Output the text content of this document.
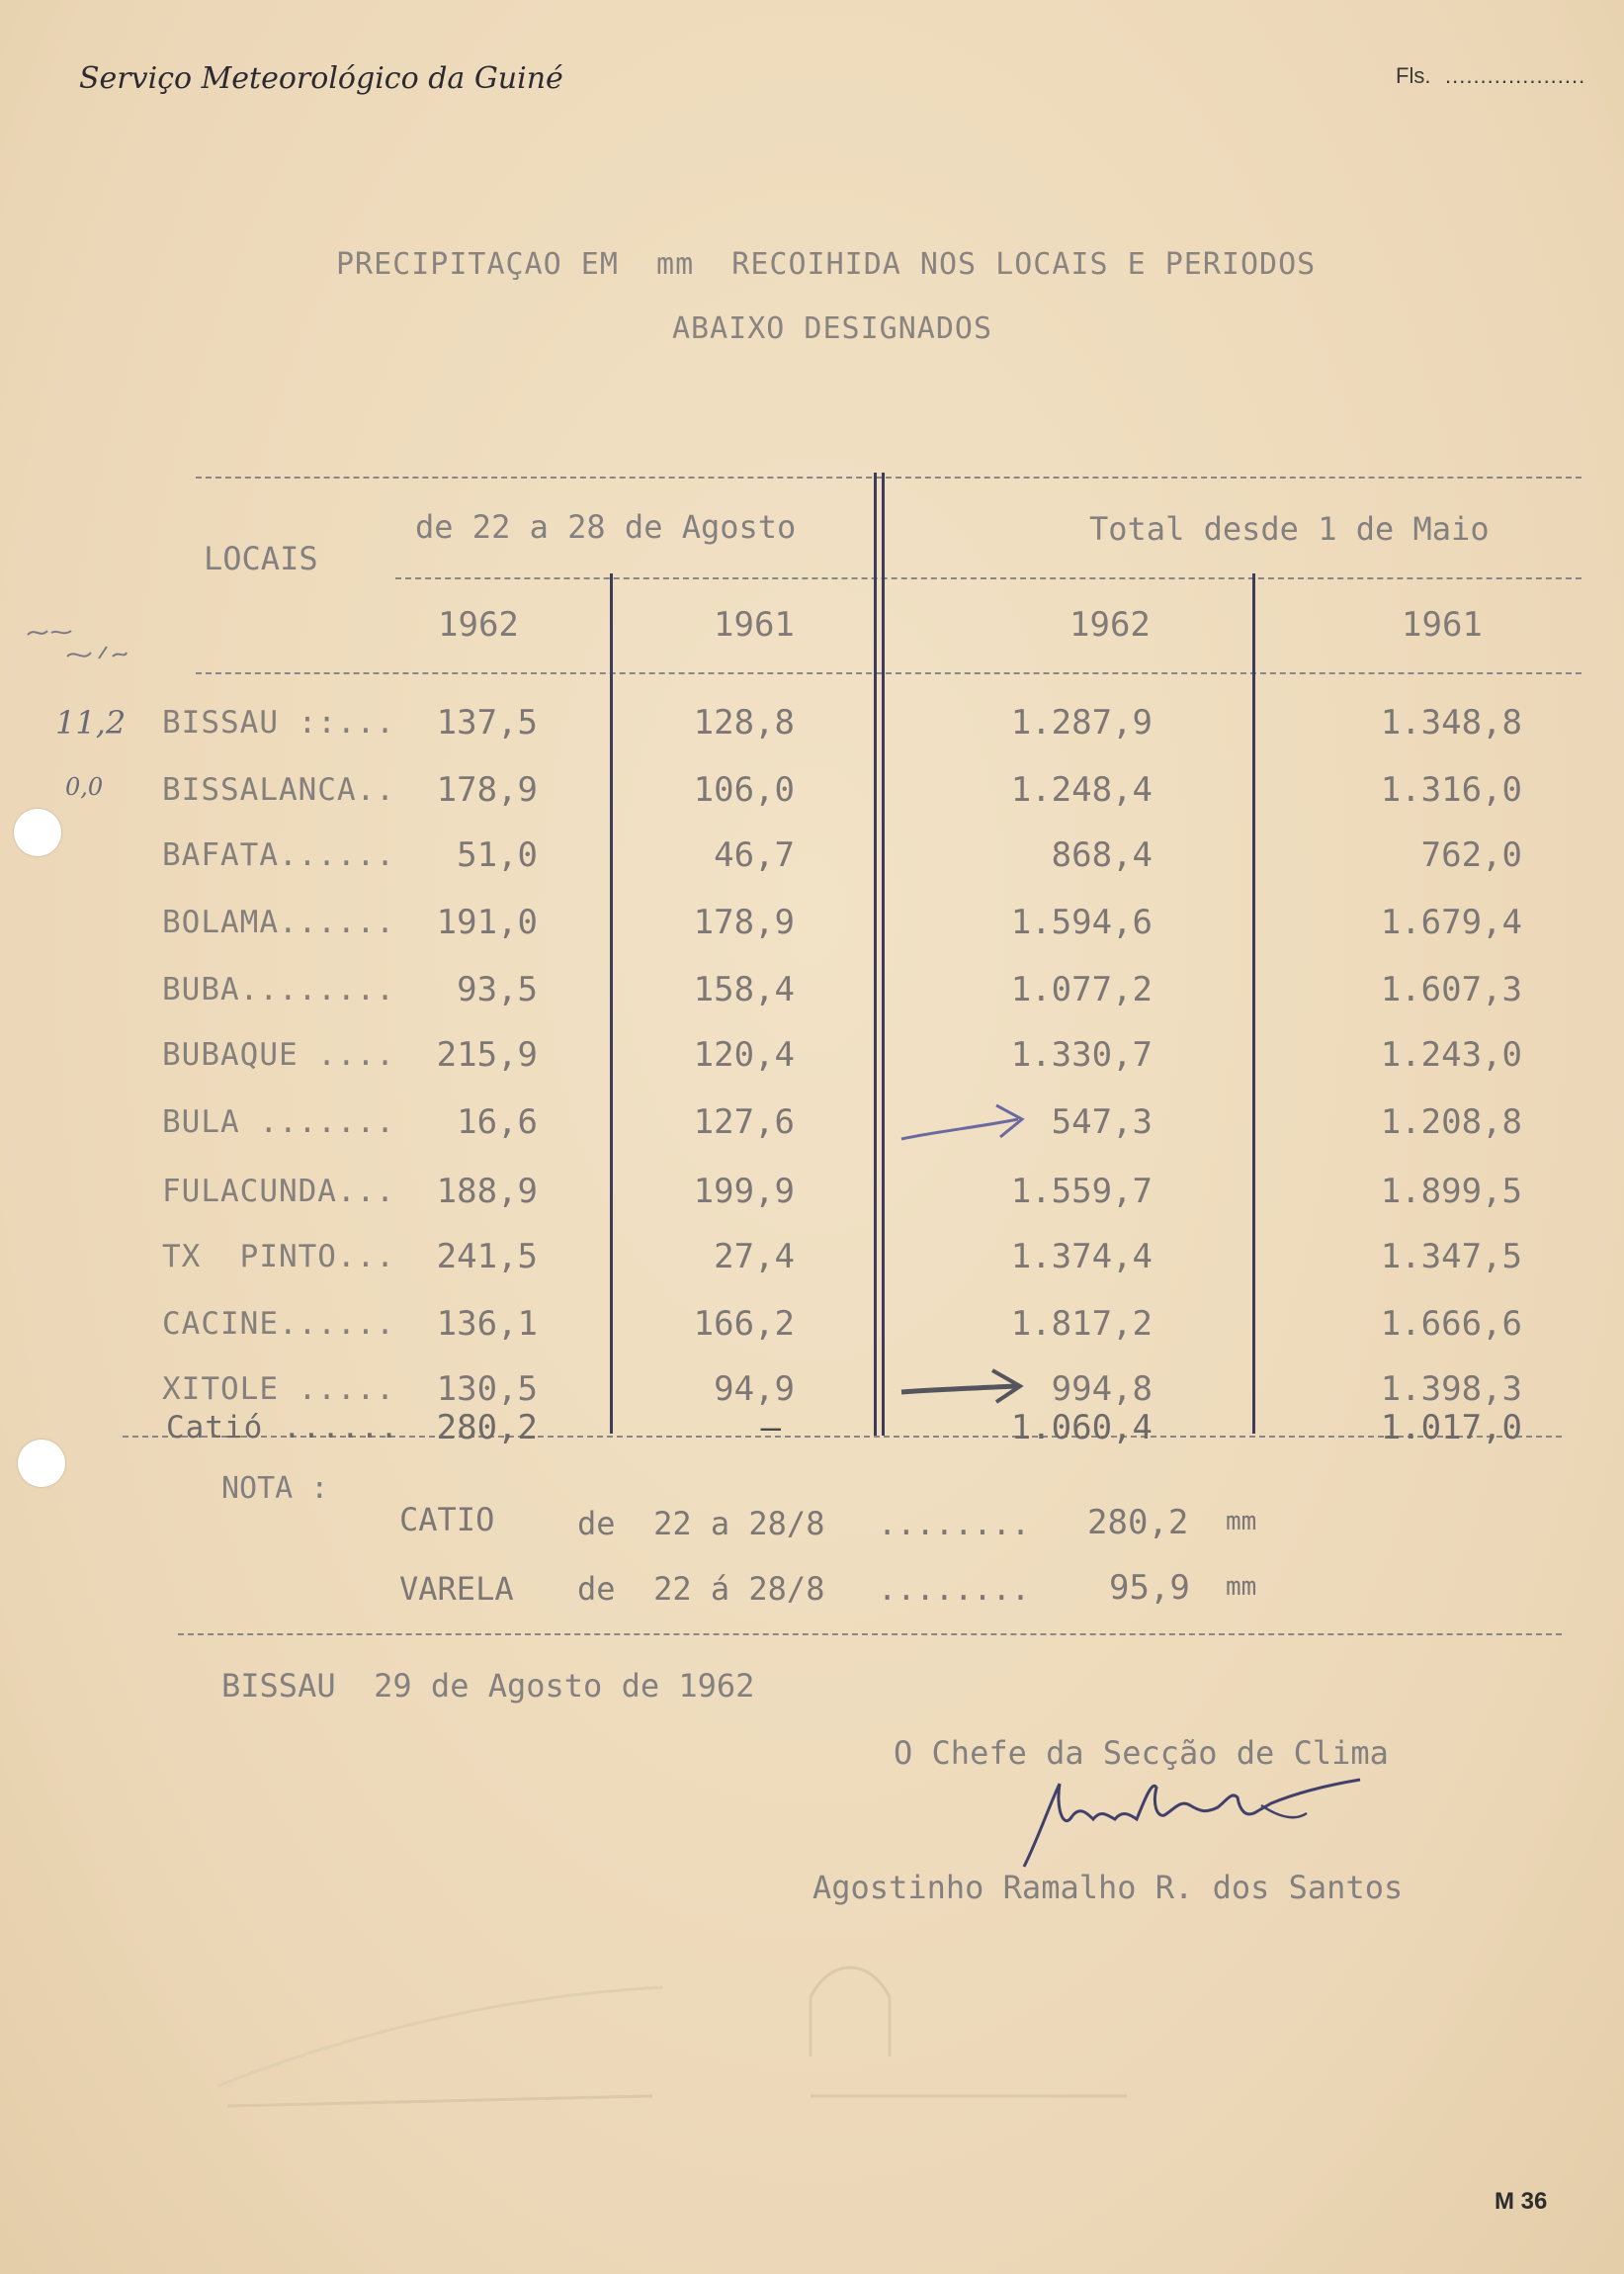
Serviço Meteorológico da Guiné	Fls. ....................
PRECIPITAÇAO EM  mm  RECOIHIDA NOS LOCAIS E PERIODOS
ABAIXO DESIGNADOS
LOCAIS
de 22 a 28 de Agosto	Total desde 1 de Maio
1962	1961	1962	1961
BISSAU ::...	137,5	128,8	1.287,9	1.348,8
BISSALANCA..	178,9	106,0	1.248,4	1.316,0
BAFATA......	51,0	46,7	868,4	762,0
BOLAMA......	191,0	178,9	1.594,6	1.679,4
BUBA........	93,5	158,4	1.077,2	1.607,3
BUBAQUE ....	215,9	120,4	1.330,7	1.243,0
BULA .......	16,6	127,6	547,3	1.208,8
FULACUNDA...	188,9	199,9	1.559,7	1.899,5
TX  PINTO...	241,5	27,4	1.374,4	1.347,5
CACINE......	136,1	166,2	1.817,2	1.666,6
XITOLE .....	130,5	94,9	994,8	1.398,3
Catió ......	280,2	—	1.060,4	1.017,0
11,2
0,0
NOTA :
CATIO	de  22 a 28/8 ........ 280,2 mm
VARELA de  22 á 28/8 ........ 95,9 mm
BISSAU  29 de Agosto de 1962
O Chefe da Secção de Clima
Agostinho Ramalho R. dos Santos
M 36
